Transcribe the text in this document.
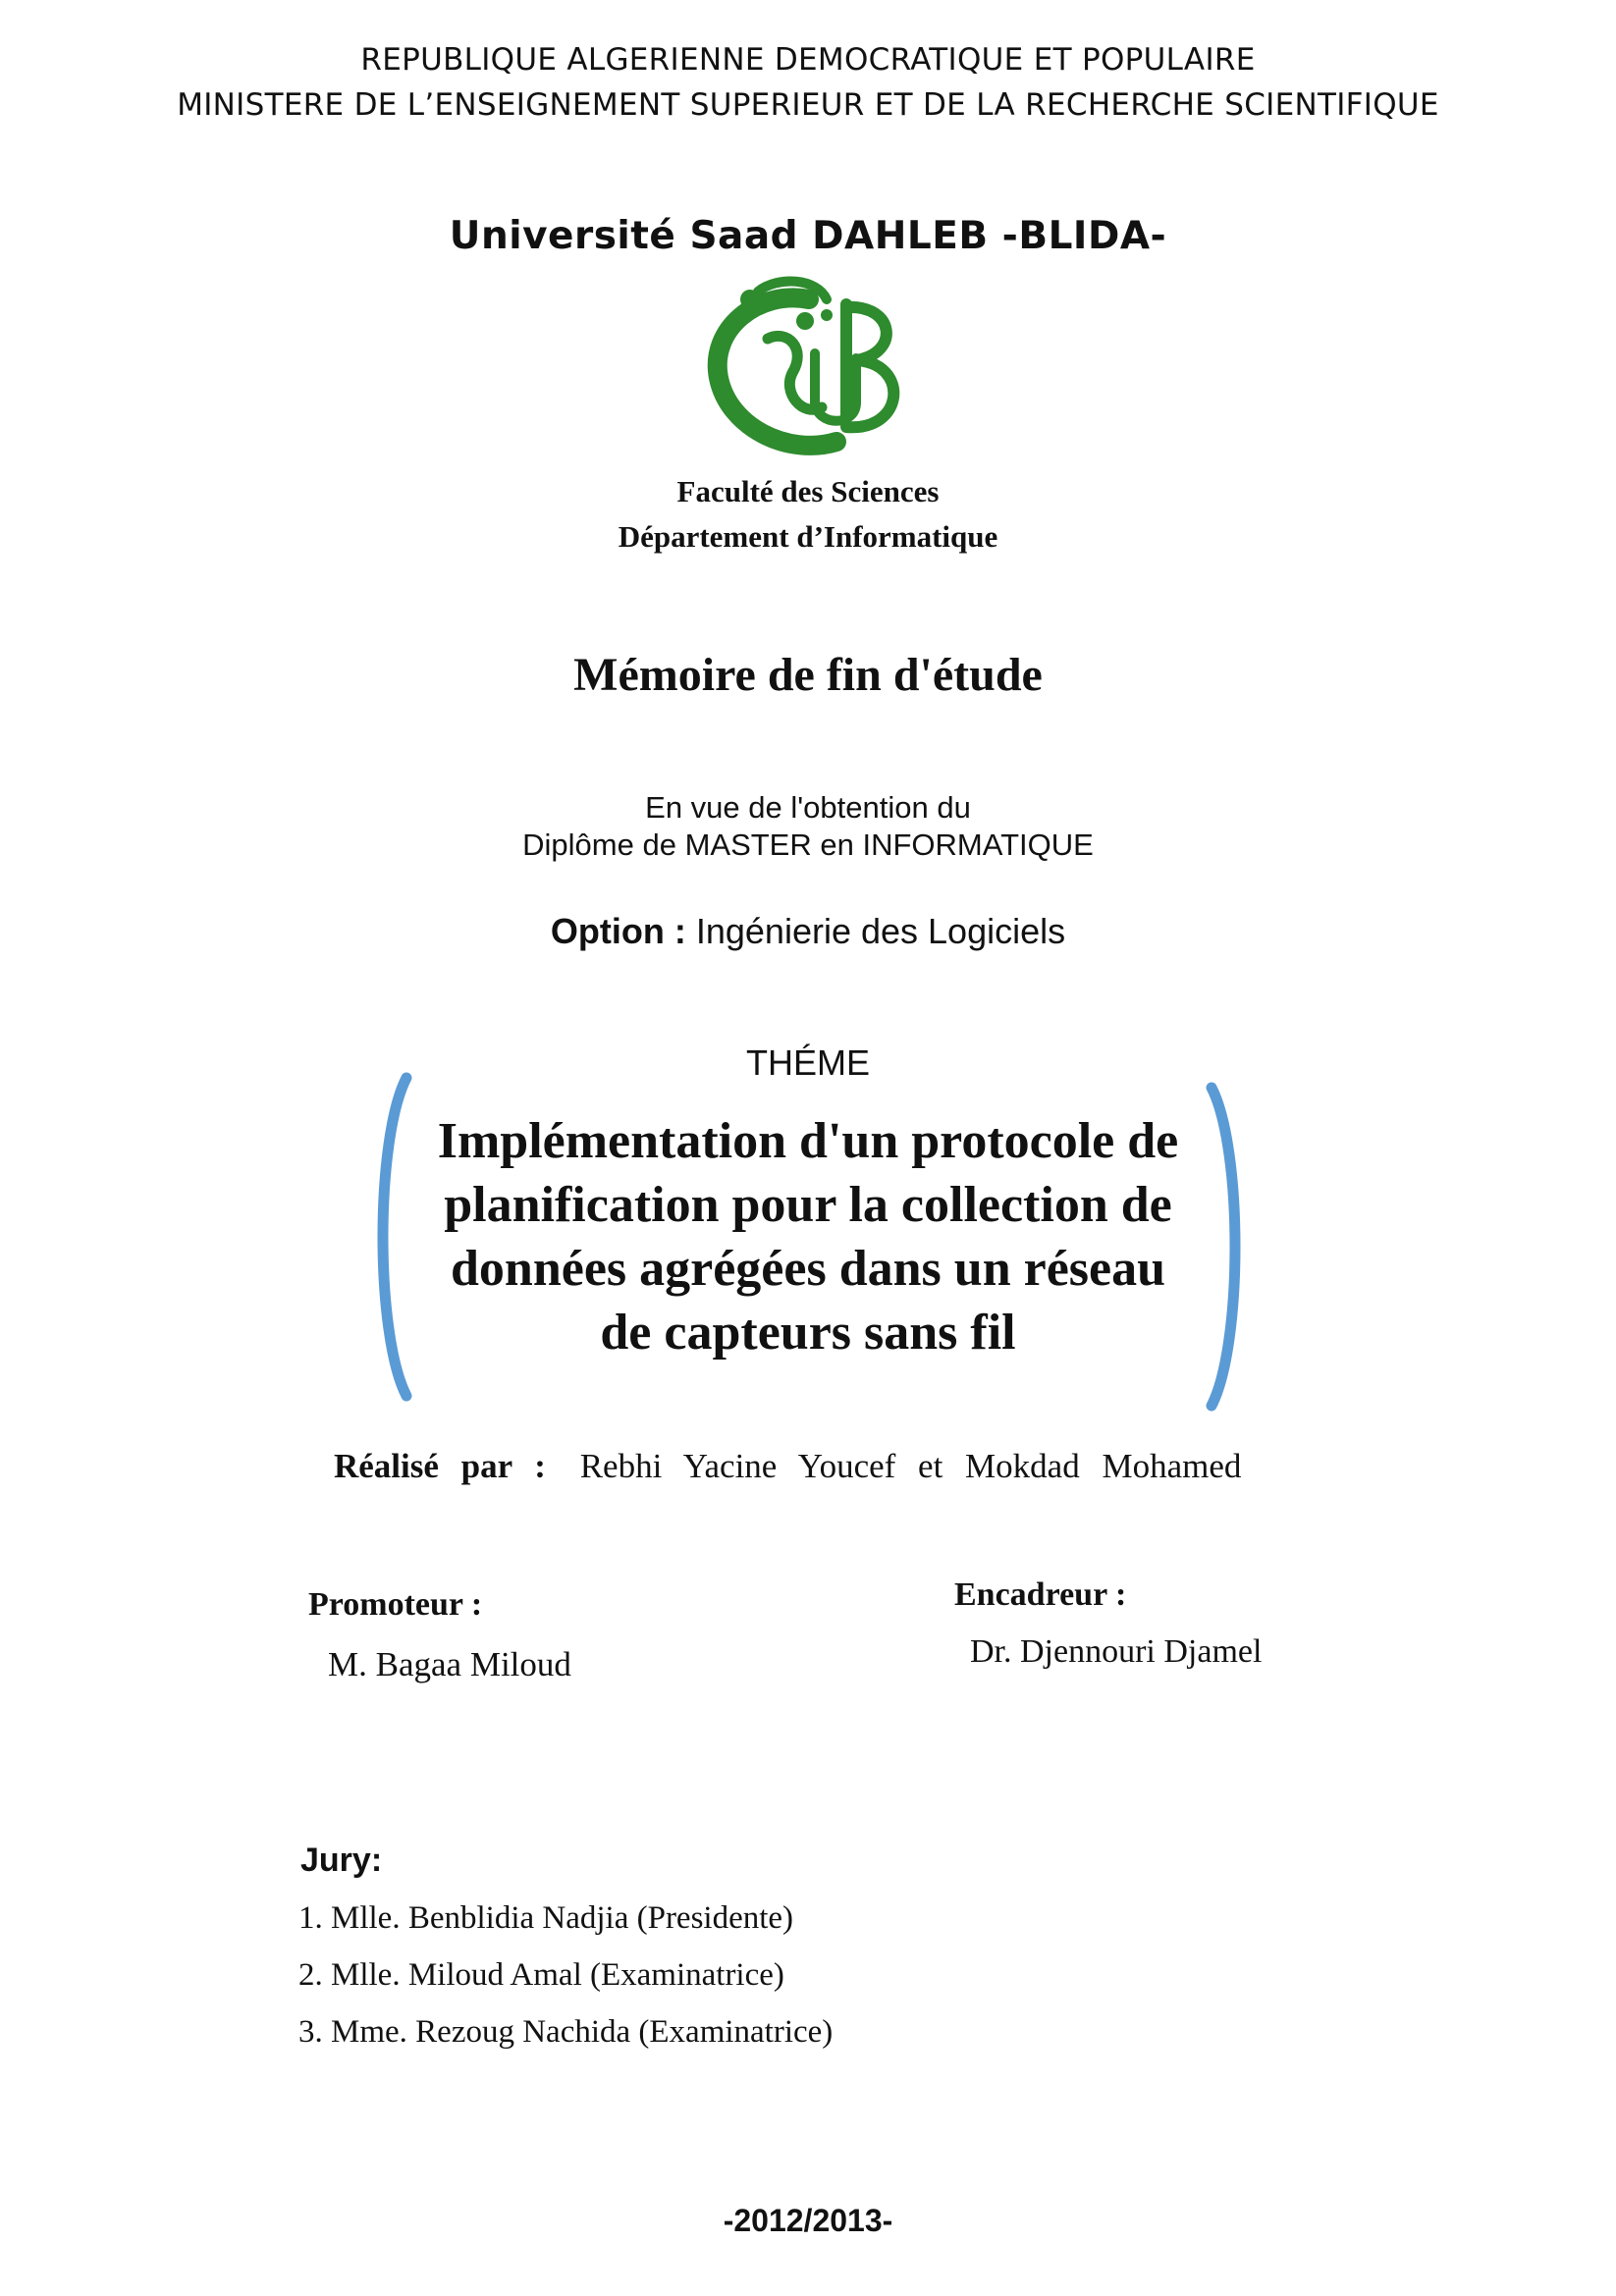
REPUBLIQUE ALGERIENNE DEMOCRATIQUE ET POPULAIRE
MINISTERE DE L’ENSEIGNEMENT SUPERIEUR ET DE LA RECHERCHE SCIENTIFIQUE
Université Saad DAHLEB -BLIDA-
Faculté des Sciences
Département d’Informatique
Mémoire de fin d'étude
En vue de l'obtention du
Diplôme de MASTER en INFORMATIQUE
Option : Ingénierie des Logiciels
THÉME
Implémentation d'un protocole de
planification pour la collection de
données agrégées dans un réseau
de capteurs sans fil
Réalisé par : Rebhi Yacine Youcef et Mokdad Mohamed
Promoteur :
M. Bagaa Miloud
Encadreur :
Dr. Djennouri Djamel
Jury:
1. Mlle. Benblidia Nadjia (Presidente)
2. Mlle. Miloud Amal (Examinatrice)
3. Mme. Rezoug Nachida (Examinatrice)
-2012/2013-
